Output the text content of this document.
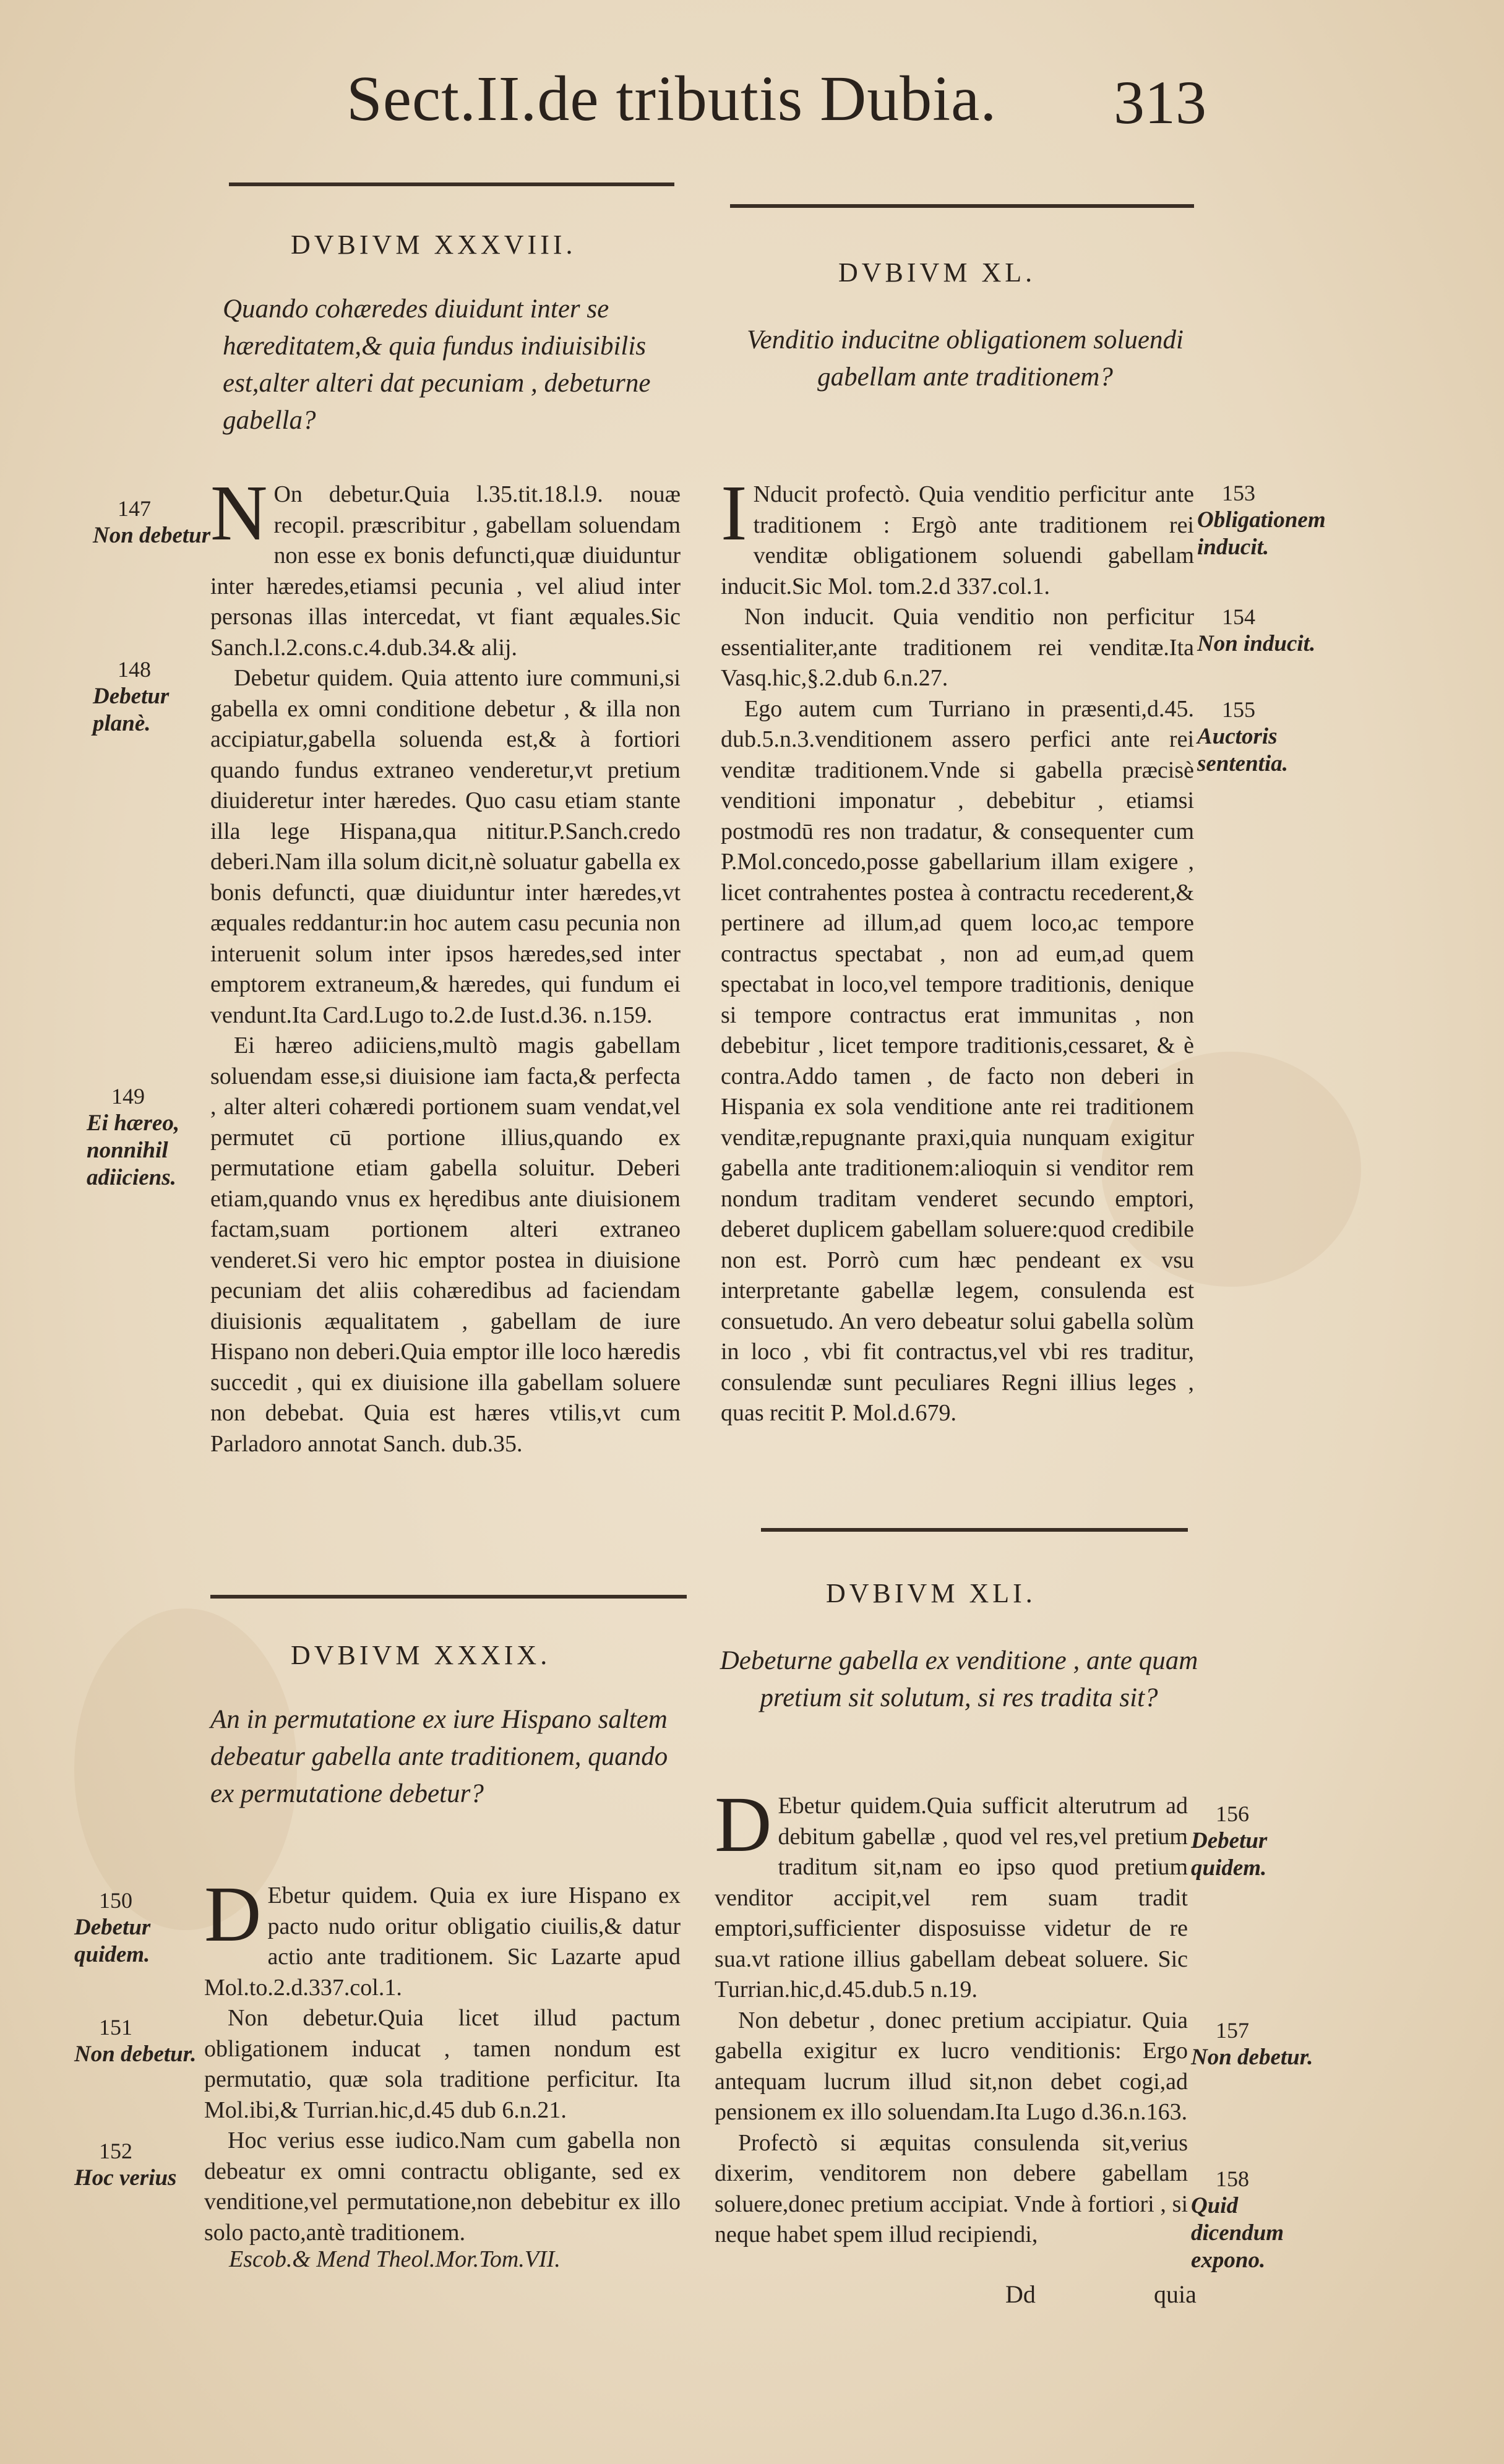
Sect.II.de tributis Dubia.	313
DVBIVM XXXVIII.
Quando cohæredes diuidunt inter se hæreditatem,& quia fundus indiuisibilis est,alter alteri dat pecuniam , debeturne gabella?
147
Non debetur
148
Debetur planè.
149
Ei hæreo, nonnihil adiiciens.

N On debetur.Quia l.35.tit.18.l.9. nouæ recopil. præscribitur , gabellam soluendam non esse ex bonis defuncti,quæ diuiduntur inter hæredes,etiamsi pecunia , vel aliud inter personas illas intercedat, vt fiant æquales.Sic Sanch.l.2.cons.c.4.dub.34.& alij.

Debetur quidem. Quia attento iure communi,si gabella ex omni conditione debetur , & illa non accipiatur,gabella soluenda est,& à fortiori quando fundus extraneo venderetur,vt pretium diuideretur inter hæredes. Quo casu etiam stante illa lege Hispana,qua nititur.P.Sanch.credo deberi.Nam illa solum dicit,nè soluatur gabella ex bonis defuncti, quæ diuiduntur inter hæredes,vt æquales reddantur:in hoc autem casu pecunia non interuenit solum inter ipsos hæredes,sed inter emptorem extraneum,& hæredes, qui fundum ei vendunt.Ita Card.Lugo to.2.de Iust.d.36. n.159.

Ei hæreo adiiciens,multò magis gabellam soluendam esse,si diuisione iam facta,& perfecta , alter alteri cohæredi portionem suam vendat,vel permutet cū portione illius,quando ex permutatione etiam gabella soluitur. Deberi etiam,quando vnus ex hęredibus ante diuisionem factam,suam portionem alteri extraneo venderet.Si vero hic emptor postea in diuisione pecuniam det aliis cohæredibus ad faciendam diuisionis æqualitatem , gabellam de iure Hispano non deberi.Quia emptor ille loco hæredis succedit , qui ex diuisione illa gabellam soluere non debebat. Quia est hæres vtilis,vt cum Parladoro annotat Sanch. dub.35.

DVBIVM XXXIX.
An in permutatione ex iure Hispano saltem debeatur gabella ante traditionem, quando ex permutatione debetur?
150
Debetur quidem.
151
Non debetur.
152
Hoc verius

D Ebetur quidem. Quia ex iure Hispano ex pacto nudo oritur obligatio ciuilis,& datur actio ante traditionem. Sic Lazarte apud Mol.to.2.d.337.col.1.

Non debetur.Quia licet illud pactum obligationem inducat , tamen nondum est permutatio, quæ sola traditione perficitur. Ita Mol.ibi,& Turrian.hic,d.45 dub 6.n.21.

Hoc verius esse iudico.Nam cum gabella non debeatur ex omni contractu obligante, sed ex venditione,vel permutatione,non debebitur ex illo solo pacto,antè traditionem.

Escob.& Mend Theol.Mor.Tom.VII.
DVBIVM XL.
Venditio inducitne obligationem soluendi gabellam ante traditionem?
153
Obligationem inducit.
154
Non inducit.
155
Auctoris sententia.

I Nducit profectò. Quia venditio perficitur ante traditionem : Ergò ante traditionem rei venditæ obligationem soluendi gabellam inducit.Sic Mol. tom.2.d 337.col.1.

Non inducit. Quia venditio non perficitur essentialiter,ante traditionem rei venditæ.Ita Vasq.hic,§.2.dub 6.n.27.

Ego autem cum Turriano in præsenti,d.45. dub.5.n.3.venditionem assero perfici ante rei venditæ traditionem.Vnde si gabella præcisè venditioni imponatur , debebitur , etiamsi postmodū res non tradatur, & consequenter cum P.Mol.concedo,posse gabellarium illam exigere , licet contrahentes postea à contractu recederent,& pertinere ad illum,ad quem loco,ac tempore contractus spectabat , non ad eum,ad quem spectabat in loco,vel tempore traditionis, denique si tempore contractus erat immunitas , non debebitur , licet tempore traditionis,cessaret, & è contra.Addo tamen , de facto non deberi in Hispania ex sola venditione ante rei traditionem venditæ,repugnante praxi,quia nunquam exigitur gabella ante traditionem:alioquin si venditor rem nondum traditam venderet secundo emptori, deberet duplicem gabellam soluere:quod credibile non est. Porrò cum hæc pendeant ex vsu interpretante gabellæ legem, consulenda est consuetudo. An vero debeatur solui gabella solùm in loco , vbi fit contractus,vel vbi res traditur, consulendæ sunt peculiares Regni illius leges , quas recitit P. Mol.d.679.

DVBIVM XLI.
Debeturne gabella ex venditione , ante quam pretium sit solutum, si res tradita sit?
156
Debetur quidem.
157
Non debetur.
158
Quid dicendum expono.

D Ebetur quidem.Quia sufficit alterutrum ad debitum gabellæ , quod vel res,vel pretium traditum sit,nam eo ipso quod pretium venditor accipit,vel rem suam tradit emptori,sufficienter disposuisse videtur de re sua.vt ratione illius gabellam debeat soluere. Sic Turrian.hic,d.45.dub.5 n.19.

Non debetur , donec pretium accipiatur. Quia gabella exigitur ex lucro venditionis: Ergo antequam lucrum illud sit,non debet cogi,ad pensionem ex illo soluendam.Ita Lugo d.36.n.163.

Profectò si æquitas consulenda sit,verius dixerim, venditorem non debere gabellam soluere,donec pretium accipiat. Vnde à fortiori , si neque habet spem illud recipiendi,

Dd	quia
